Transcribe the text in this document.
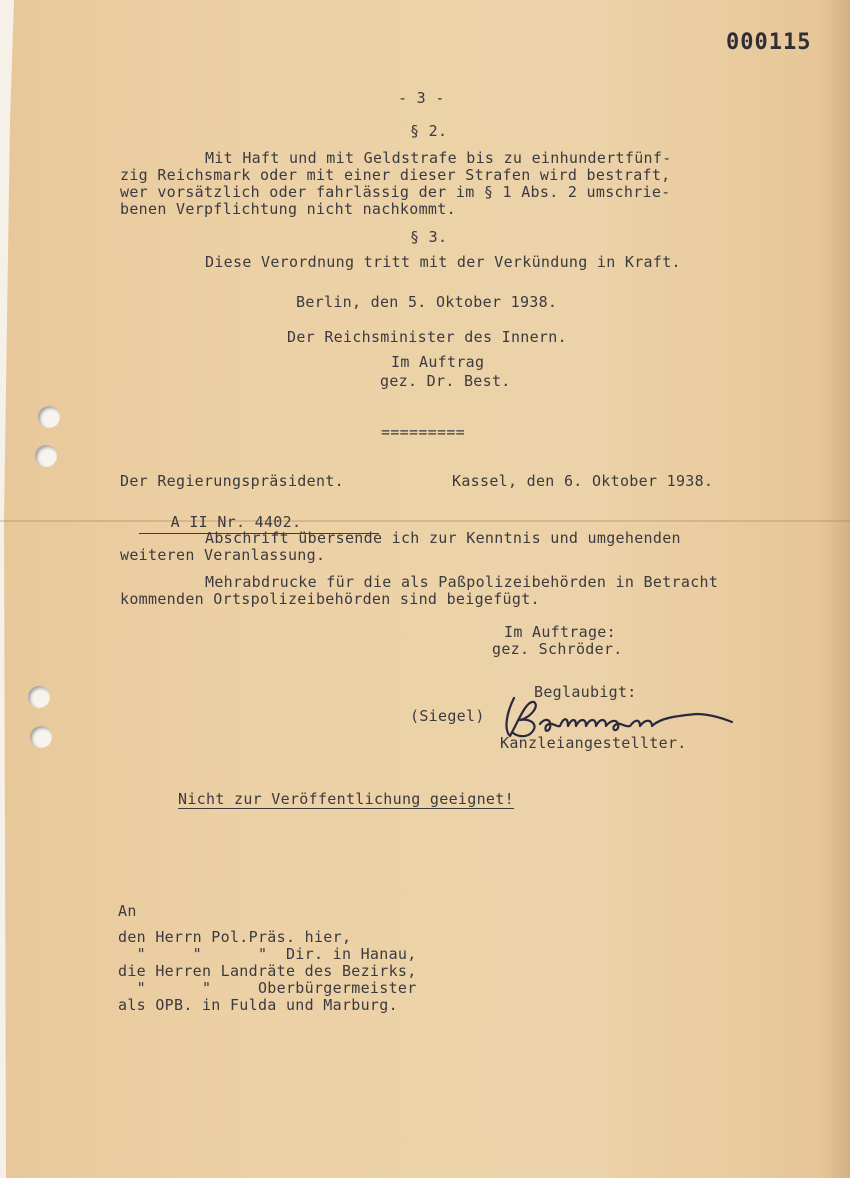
000115
- 3 -
§ 2.
Mit Haft und mit Geldstrafe bis zu einhundertfünf-
zig Reichsmark oder mit einer dieser Strafen wird bestraft,
wer vorsätzlich oder fahrlässig der im § 1 Abs. 2 umschrie-
benen Verpflichtung nicht nachkommt.
§ 3.
Diese Verordnung tritt mit der Verkündung in Kraft.
Berlin, den 5. Oktober 1938.
Der Reichsminister des Innern.
Im Auftrag
gez. Dr. Best.
=========
Der Regierungspräsident.	Kassel, den 6. Oktober 1938.

A II Nr. 4402.

Abschrift übersende ich zur Kenntnis und umgehenden
weiteren Veranlassung.
Mehrabdrucke für die als Paßpolizeibehörden in Betracht
kommenden Ortspolizeibehörden sind beigefügt.
Im Auftrage:
gez. Schröder.
Beglaubigt:
(Siegel)
Kanzleiangestellter.
Nicht zur Veröffentlichung geeignet!
An
den Herrn Pol.Präs. hier,
"     "      "  Dir. in Hanau,
die Herren Landräte des Bezirks,
"      "     Oberbürgermeister
als OPB. in Fulda und Marburg.
